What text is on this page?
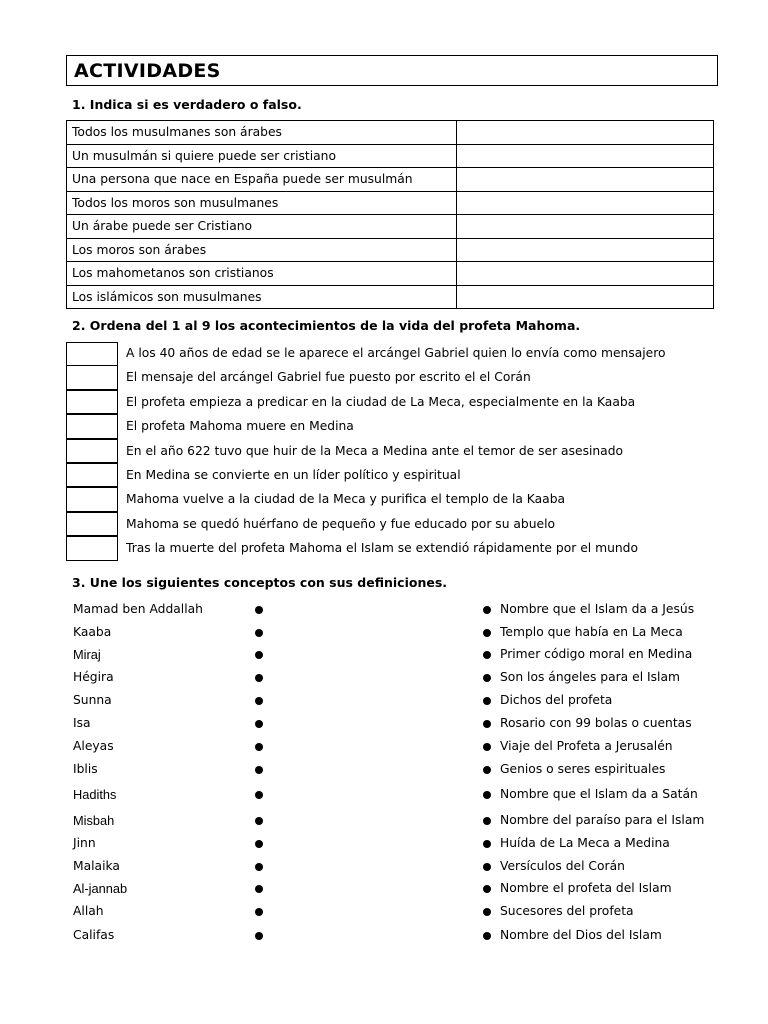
ACTIVIDADES
1. Indica si es verdadero o falso.
Todos los musulmanes son árabes	
Un musulmán si quiere puede ser cristiano	
Una persona que nace en España puede ser musulmán	
Todos los moros son musulmanes	
Un árabe puede ser Cristiano	
Los moros son árabes	
Los mahometanos son cristianos	
Los islámicos son musulmanes	
2. Ordena del 1 al 9 los acontecimientos de la vida del profeta Mahoma.
A los 40 años de edad se le aparece el arcángel Gabriel quien lo envía como mensajero
El mensaje del arcángel Gabriel fue puesto por escrito el el Corán
El profeta empieza a predicar en la ciudad de La Meca, especialmente en la Kaaba
El profeta Mahoma muere en Medina
En el año 622 tuvo que huir de la Meca a Medina ante el temor de ser asesinado
En Medina se convierte en un líder político y espiritual
Mahoma vuelve a la ciudad de la Meca y purifica el templo de la Kaaba
Mahoma se quedó huérfano de pequeño y fue educado por su abuelo
Tras la muerte del profeta Mahoma el Islam se extendió rápidamente por el mundo
3. Une los siguientes conceptos con sus definiciones.
Mamad ben Addallah	Nombre que el Islam da a Jesús
Kaaba	Templo que había en La Meca
Miraj	Primer código moral en Medina
Hégira	Son los ángeles para el Islam
Sunna	Dichos del profeta
Isa	Rosario con 99 bolas o cuentas
Aleyas	Viaje del Profeta a Jerusalén
Iblis	Genios o seres espirituales
Hadiths	Nombre que el Islam da a Satán
Misbah	Nombre del paraíso para el Islam
Jinn	Huída de La Meca a Medina
Malaika	Versículos del Corán
Al-jannab	Nombre el profeta del Islam
Allah	Sucesores del profeta
Califas	Nombre del Dios del Islam
